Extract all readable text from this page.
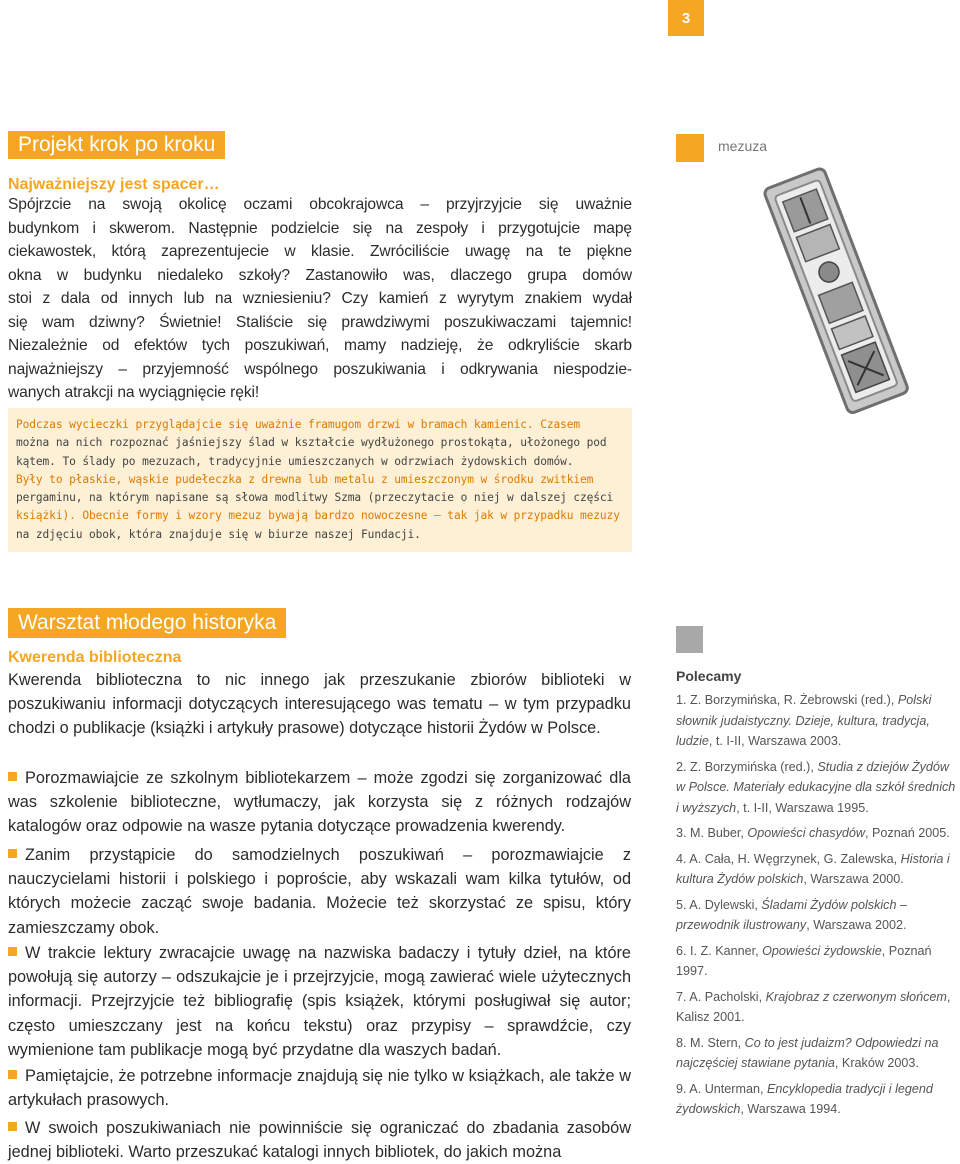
3
Projekt krok po kroku
Najważniejszy jest spacer…
Spójrzcie na swoją okolicę oczami obcokrajowca – przyjrzyjcie się uważnie
budynkom i skwerom. Następnie podzielcie się na zespoły i przygotujcie mapę
ciekawostek, którą zaprezentujecie w klasie. Zwróciliście uwagę na te piękne
okna w budynku niedaleko szkoły? Zastanowiło was, dlaczego grupa domów
stoi z dala od innych lub na wzniesieniu? Czy kamień z wyrytym znakiem wydał
się wam dziwny? Świetnie! Staliście się prawdziwymi poszukiwaczami tajemnic!
Niezależnie od efektów tych poszukiwań, mamy nadzieję, że odkryliście skarb
najważniejszy – przyjemność wspólnego poszukiwania i odkrywania niespodzie-
wanych atrakcji na wyciągnięcie ręki!
Podczas wycieczki przyglądajcie się uważnie framugom drzwi w bramach kamienic. Czasem
można na nich rozpoznać jaśniejszy ślad w kształcie wydłużonego prostokąta, ułożonego pod
kątem. To ślady po mezuzach, tradycyjnie umieszczanych w odrzwiach żydowskich domów.
Były to płaskie, wąskie pudełeczka z drewna lub metalu z umieszczonym w środku zwitkiem
pergaminu, na którym napisane są słowa modlitwy Szma (przeczytacie o niej w dalszej części
książki). Obecnie formy i wzory mezuz bywają bardzo nowoczesne – tak jak w przypadku mezuzy
na zdjęciu obok, która znajduje się w biurze naszej Fundacji.
mezuza
Warsztat młodego historyka
Kwerenda biblioteczna

Kwerenda biblioteczna to nic innego jak przeszukanie zbiorów biblioteki w poszukiwaniu informacji dotyczących interesującego was tematu – w tym przypadku chodzi o publikacje (książki i artykuły prasowe) dotyczące historii Żydów w Polsce.

Porozmawiajcie ze szkolnym bibliotekarzem – może zgodzi się zorganizować dla was szkolenie biblioteczne, wytłumaczy, jak korzysta się z różnych rodzajów katalogów oraz odpowie na wasze pytania dotyczące prowadzenia kwerendy.

Zanim przystąpicie do samodzielnych poszukiwań – porozmawiajcie z nauczycielami historii i polskiego i poproście, aby wskazali wam kilka tytułów, od których możecie zacząć swoje badania. Możecie też skorzystać ze spisu, który zamieszczamy obok.

W trakcie lektury zwracajcie uwagę na nazwiska badaczy i tytuły dzieł, na które powołują się autorzy – odszukajcie je i przejrzyjcie, mogą zawierać wiele użytecznych informacji. Przejrzyjcie też bibliografię (spis książek, którymi posługiwał się autor; często umieszczany jest na końcu tekstu) oraz przypisy – sprawdźcie, czy wymienione tam publikacje mogą być przydatne dla waszych badań.

Pamiętajcie, że potrzebne informacje znajdują się nie tylko w książkach, ale także w artykułach prasowych.

W swoich poszukiwaniach nie powinniście się ograniczać do zbadania zasobów jednej biblioteki. Warto przeszukać katalogi innych bibliotek, do jakich można

Polecamy
1. Z. Borzymińska, R. Żebrowski (red.), Polski słownik judaistyczny. Dzieje, kultura, tradycja, ludzie, t. I-II, Warszawa 2003.
2. Z. Borzymińska (red.), Studia z dziejów Żydów w Polsce. Materiały edukacyjne dla szkół średnich i wyższych, t. I-II, Warszawa 1995.
3. M. Buber, Opowieści chasydów, Poznań 2005.
4. A. Cała, H. Węgrzynek, G. Zalewska, Historia i kultura Żydów polskich, Warszawa 2000.
5. A. Dylewski, Śladami Żydów polskich – przewodnik ilustrowany, Warszawa 2002.
6. I. Z. Kanner, Opowieści żydowskie, Poznań 1997.
7. A. Pacholski, Krajobraz z czerwonym słońcem, Kalisz 2001.
8. M. Stern, Co to jest judaizm? Odpowiedzi na najczęściej stawiane pytania, Kraków 2003.
9. A. Unterman, Encyklopedia tradycji i legend żydowskich, Warszawa 1994.
